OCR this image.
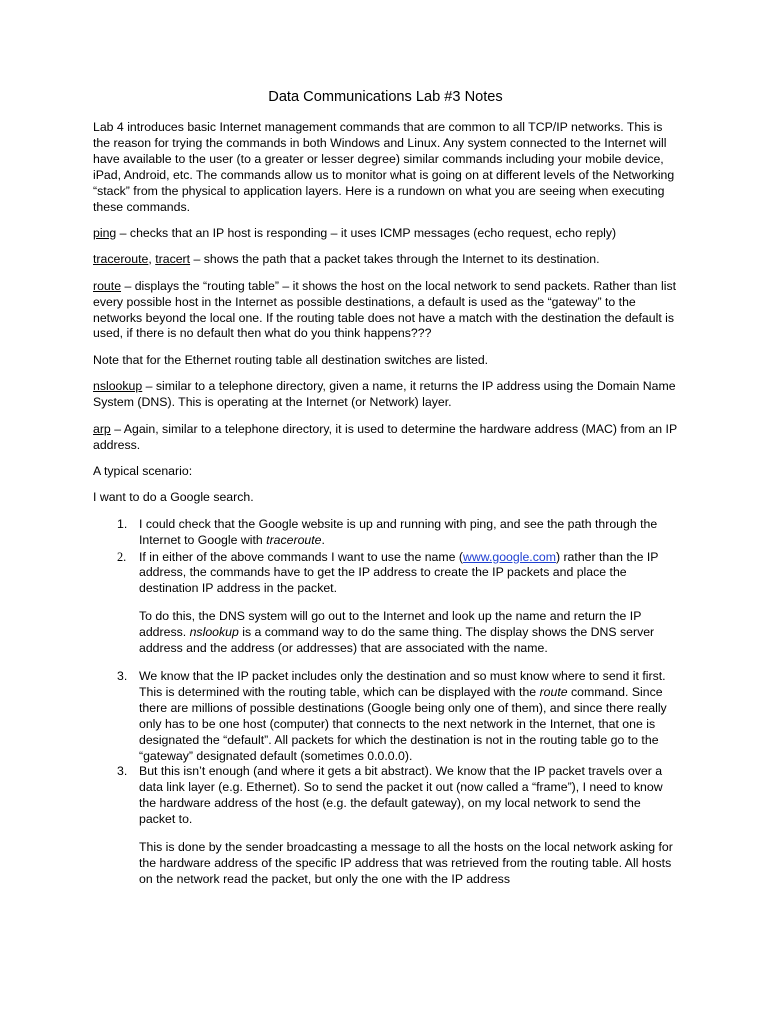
Data Communications Lab #3 Notes

Lab 4 introduces basic Internet management commands that are common to all TCP/IP networks. This is the reason for trying the commands in both Windows and Linux. Any system connected to the Internet will have available to the user (to a greater or lesser degree) similar commands including your mobile device, iPad, Android, etc. The commands allow us to monitor what is going on at different levels of the Networking “stack” from the physical to application layers. Here is a rundown on what you are seeing when executing these commands.

ping – checks that an IP host is responding – it uses ICMP messages (echo request, echo reply)

traceroute, tracert – shows the path that a packet takes through the Internet to its destination.

route – displays the “routing table” – it shows the host on the local network to send packets. Rather than list every possible host in the Internet as possible destinations, a default is used as the “gateway” to the networks beyond the local one. If the routing table does not have a match with the destination the default is used, if there is no default then what do you think happens???

Note that for the Ethernet routing table all destination switches are listed.

nslookup – similar to a telephone directory, given a name, it returns the IP address using the Domain Name System (DNS). This is operating at the Internet (or Network) layer.

arp – Again, similar to a telephone directory, it is used to determine the hardware address (MAC) from an IP address.

A typical scenario:

I want to do a Google search.

1. I could check that the Google website is up and running with ping, and see the path through the Internet to Google with traceroute.

2. If in either of the above commands I want to use the name (www.google.com) rather than the IP address, the commands have to get the IP address to create the IP packets and place the destination IP address in the packet.

To do this, the DNS system will go out to the Internet and look up the name and return the IP address. nslookup is a command way to do the same thing. The display shows the DNS server address and the address (or addresses) that are associated with the name.

3. We know that the IP packet includes only the destination and so must know where to send it first. This is determined with the routing table, which can be displayed with the route command. Since there are millions of possible destinations (Google being only one of them), and since there really only has to be one host (computer) that connects to the next network in the Internet, that one is designated the “default”. All packets for which the destination is not in the routing table go to the “gateway” designated default (sometimes 0.0.0.0).

3. But this isn’t enough (and where it gets a bit abstract). We know that the IP packet travels over a data link layer (e.g. Ethernet). So to send the packet it out (now called a “frame”), I need to know the hardware address of the host (e.g. the default gateway), on my local network to send the packet to.

This is done by the sender broadcasting a message to all the hosts on the local network asking for the hardware address of the specific IP address that was retrieved from the routing table. All hosts on the network read the packet, but only the one with the IP address
